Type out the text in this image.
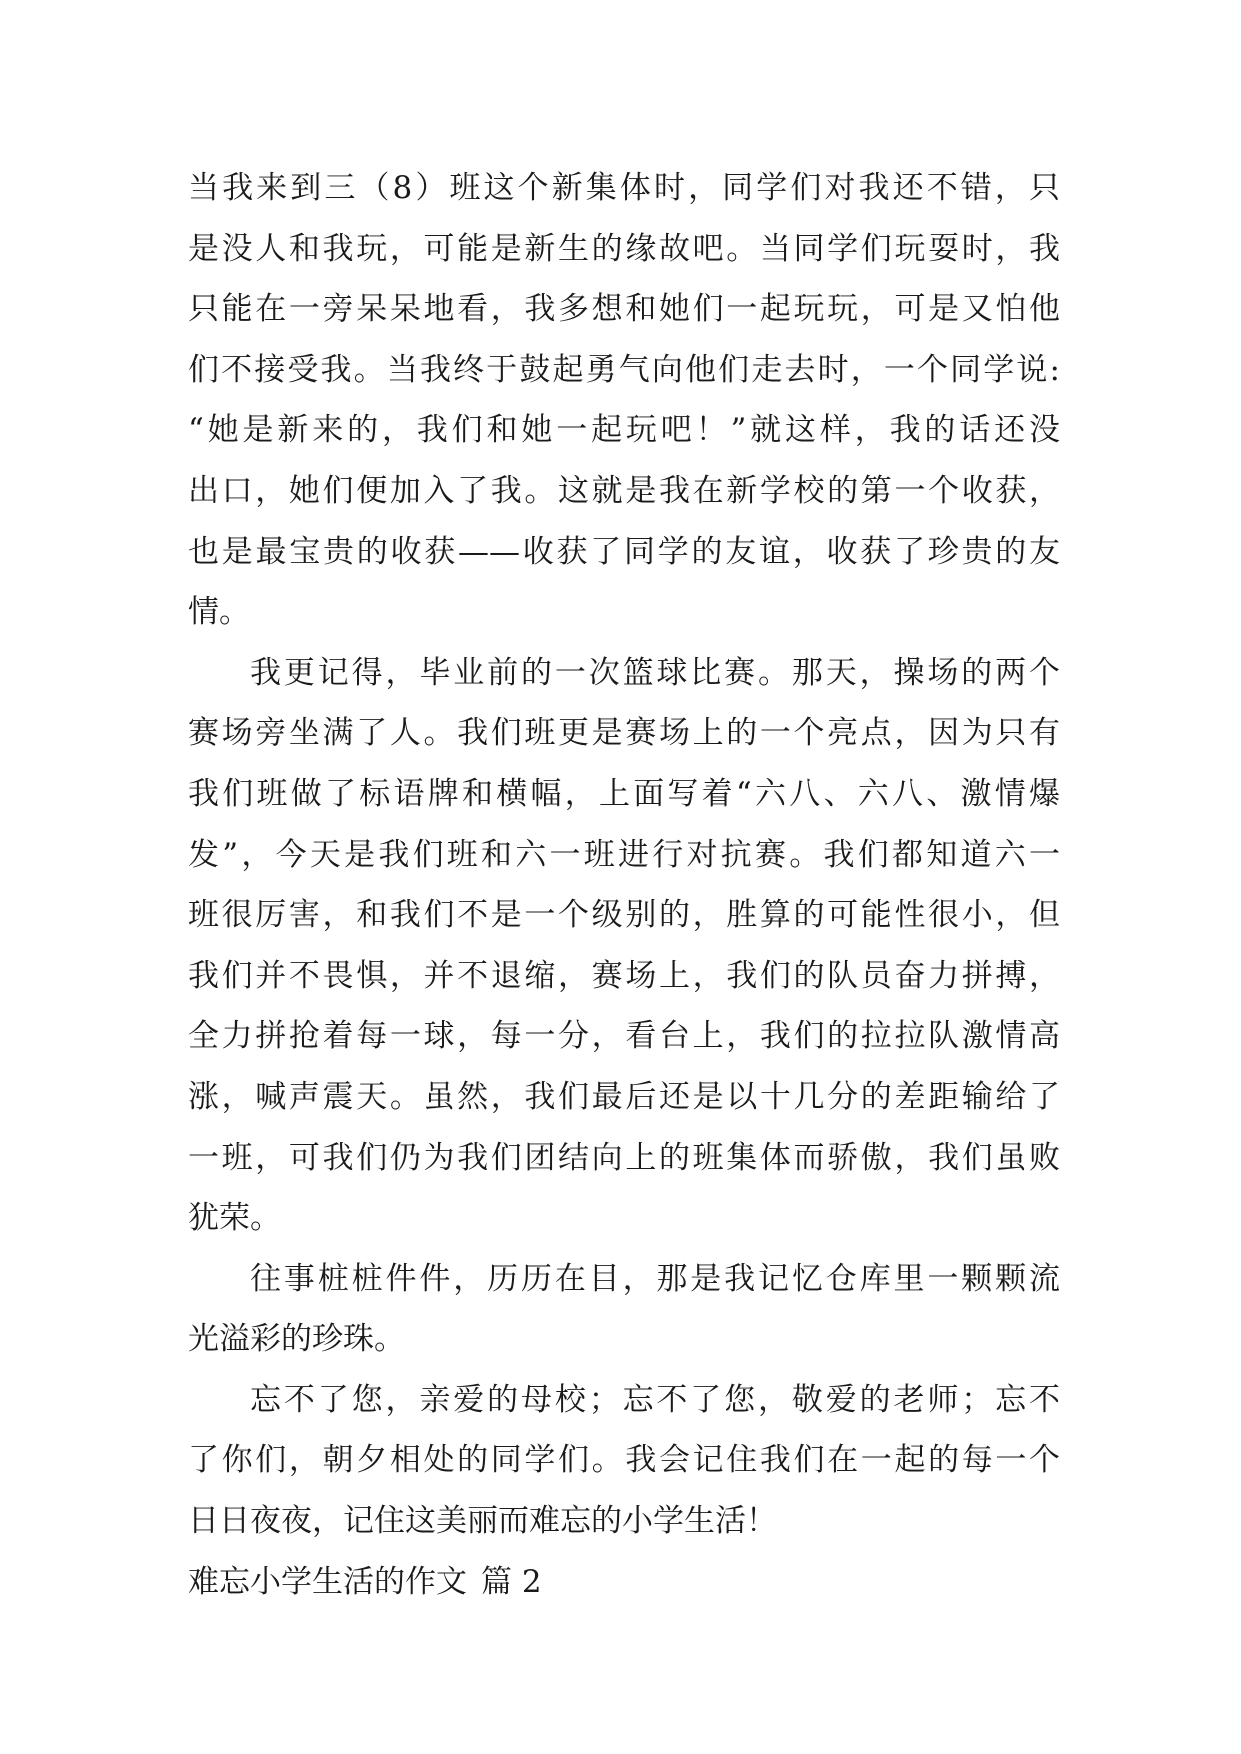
当我来到三（8）班这个新集体时，同学们对我还不错，只
是没人和我玩，可能是新生的缘故吧。当同学们玩耍时，我
只能在一旁呆呆地看，我多想和她们一起玩玩，可是又怕他
们不接受我。当我终于鼓起勇气向他们走去时，一个同学说:
“她是新来的，我们和她一起玩吧！”就这样，我的话还没
出口，她们便加入了我。这就是我在新学校的第一个收获，
也是最宝贵的收获——收获了同学的友谊，收获了珍贵的友
情。
我更记得，毕业前的一次篮球比赛。那天，操场的两个
赛场旁坐满了人。我们班更是赛场上的一个亮点，因为只有
我们班做了标语牌和横幅，上面写着“六八、六八、激情爆
发”，今天是我们班和六一班进行对抗赛。我们都知道六一
班很厉害，和我们不是一个级别的，胜算的可能性很小，但
我们并不畏惧，并不退缩，赛场上，我们的队员奋力拼搏，
全力拼抢着每一球，每一分，看台上，我们的拉拉队激情高
涨，喊声震天。虽然，我们最后还是以十几分的差距输给了
一班，可我们仍为我们团结向上的班集体而骄傲，我们虽败
犹荣。
往事桩桩件件，历历在目，那是我记忆仓库里一颗颗流
光溢彩的珍珠。
忘不了您，亲爱的母校；忘不了您，敬爱的老师；忘不
了你们，朝夕相处的同学们。我会记住我们在一起的每一个
日日夜夜，记住这美丽而难忘的小学生活！
难忘小学生活的作文 篇 2
